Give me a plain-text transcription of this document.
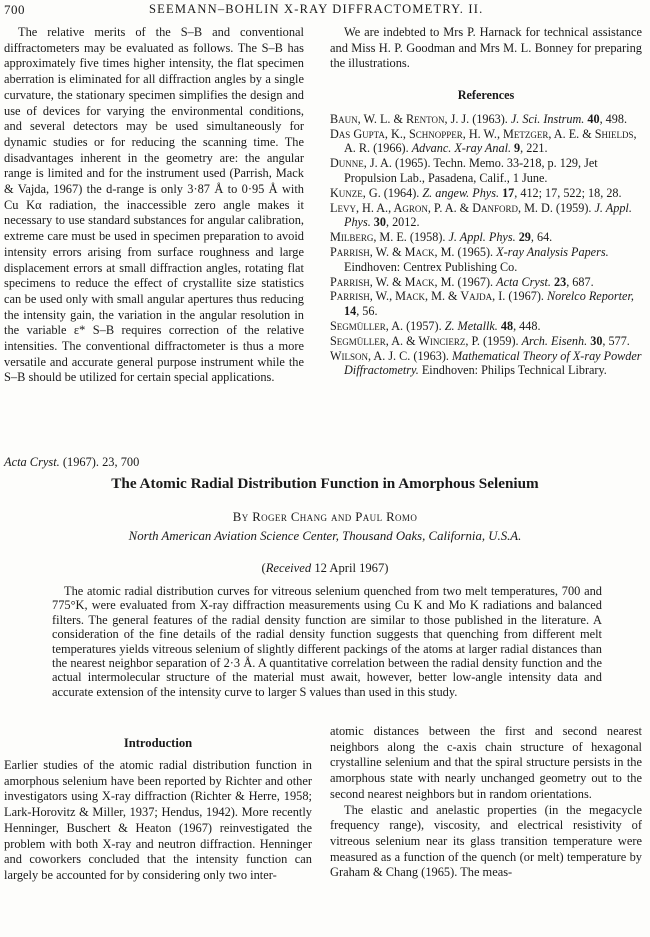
700	SEEMANN–BOHLIN X-RAY DIFFRACTOMETRY. II.

The relative merits of the S–B and conventional diffractometers may be evaluated as follows. The S–B has approximately five times higher intensity, the flat specimen aberration is eliminated for all diffraction angles by a single curvature, the stationary specimen simplifies the design and use of devices for varying the environmental conditions, and several detectors may be used simultaneously for dynamic studies or for reducing the scanning time. The disadvantages inherent in the geometry are: the angular range is limited and for the instrument used (Parrish, Mack & Vajda, 1967) the d-range is only 3·87 Å to 0·95 Å with Cu Kα radiation, the inaccessible zero angle makes it necessary to use standard substances for angular calibration, extreme care must be used in specimen preparation to avoid intensity errors arising from surface roughness and large displacement errors at small diffraction angles, rotating flat specimens to reduce the effect of crystallite size statistics can be used only with small angular apertures thus reducing the intensity gain, the variation in the angular resolution in the variable ε* S–B requires correction of the relative intensities. The conventional diffractometer is thus a more versatile and accurate general purpose instrument while the S–B should be utilized for certain special applications.

We are indebted to Mrs P. Harnack for technical assistance and Miss H. P. Goodman and Mrs M. L. Bonney for preparing the illustrations.

References

Baun, W. L. & Renton, J. J. (1963). J. Sci. Instrum. 40, 498.

Das Gupta, K., Schnopper, H. W., Metzger, A. E. & Shields, A. R. (1966). Advanc. X-ray Anal. 9, 221.

Dunne, J. A. (1965). Techn. Memo. 33-218, p. 129, Jet Propulsion Lab., Pasadena, Calif., 1 June.

Kunze, G. (1964). Z. angew. Phys. 17, 412; 17, 522; 18, 28.

Levy, H. A., Agron, P. A. & Danford, M. D. (1959). J. Appl. Phys. 30, 2012.

Milberg, M. E. (1958). J. Appl. Phys. 29, 64.

Parrish, W. & Mack, M. (1965). X-ray Analysis Papers. Eindhoven: Centrex Publishing Co.

Parrish, W. & Mack, M. (1967). Acta Cryst. 23, 687.

Parrish, W., Mack, M. & Vajda, I. (1967). Norelco Reporter, 14, 56.

Segmüller, A. (1957). Z. Metallk. 48, 448.

Segmüller, A. & Wincierz, P. (1959). Arch. Eisenh. 30, 577.

Wilson, A. J. C. (1963). Mathematical Theory of X-ray Powder Diffractometry. Eindhoven: Philips Technical Library.

Acta Cryst. (1967). 23, 700
The Atomic Radial Distribution Function in Amorphous Selenium
By Roger Chang and Paul Romo
North American Aviation Science Center, Thousand Oaks, California, U.S.A.
(Received 12 April 1967)

The atomic radial distribution curves for vitreous selenium quenched from two melt temperatures, 700 and 775°K, were evaluated from X-ray diffraction measurements using Cu K and Mo K radiations and balanced filters. The general features of the radial density function are similar to those published in the literature. A consideration of the fine details of the radial density function suggests that quenching from different melt temperatures yields vitreous selenium of slightly different packings of the atoms at larger radial distances than the nearest neighbor separation of 2·3 Å. A quantitative correlation between the radial density function and the actual intermolecular structure of the material must await, however, better low-angle intensity data and accurate extension of the intensity curve to larger S values than used in this study.

Introduction

Earlier studies of the atomic radial distribution function in amorphous selenium have been reported by Richter and other investigators using X-ray diffraction (Richter & Herre, 1958; Lark-Horovitz & Miller, 1937; Hendus, 1942). More recently Henninger, Buschert & Heaton (1967) reinvestigated the problem with both X-ray and neutron diffraction. Henninger and coworkers concluded that the intensity function can largely be accounted for by considering only two inter-

atomic distances between the first and second nearest neighbors along the c-axis chain structure of hexagonal crystalline selenium and that the spiral structure persists in the amorphous state with nearly unchanged geometry out to the second nearest neighbors but in random orientations.

The elastic and anelastic properties (in the megacycle frequency range), viscosity, and electrical resistivity of vitreous selenium near its glass transition temperature were measured as a function of the quench (or melt) temperature by Graham & Chang (1965). The meas-
